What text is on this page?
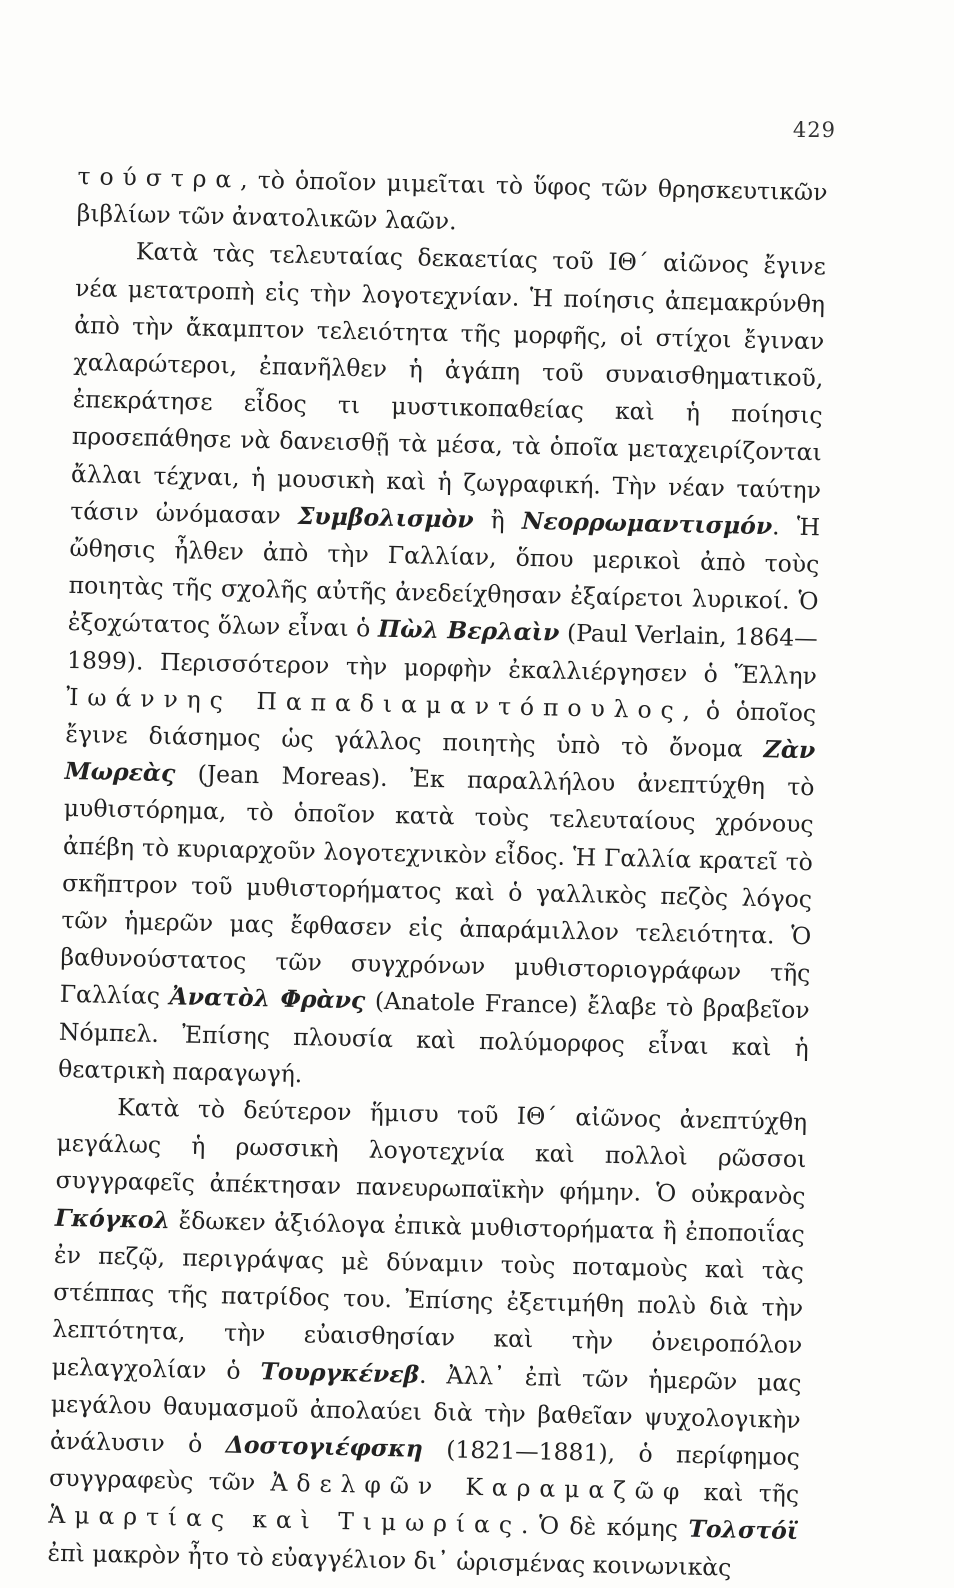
429

τούστρα, τὸ ὁποῖον μιμεῖται τὸ ὕφος τῶν θρησκευτικῶν βιβλίων τῶν ἀνατολικῶν λαῶν.

Κατὰ τὰς τελευταίας δεκαετίας τοῦ ΙΘ΄ αἰῶνος ἔγινε νέα μετατροπὴ εἰς τὴν λογοτεχνίαν. Ἡ ποίησις ἀπεμακρύνθη ἀπὸ τὴν ἄκαμπτον τελειότητα τῆς μορφῆς, οἱ στίχοι ἔγιναν χαλαρώτεροι, ἐπανῆλθεν ἡ ἀγάπη τοῦ συναισθηματικοῦ, ἐπεκράτησε εἶδος τι μυστικοπαθείας καὶ ἡ ποίησις προσεπάθησε νὰ δανεισθῇ τὰ μέσα, τὰ ὁποῖα μεταχειρίζονται ἄλλαι τέχναι, ἡ μουσικὴ καὶ ἡ ζωγραφική. Τὴν νέαν ταύτην τάσιν ὠνόμασαν Συμβολισμὸν ἢ Νεορρωμαντισμόν. Ἡ ὤθησις ἦλθεν ἀπὸ τὴν Γαλλίαν, ὅπου μερικοὶ ἀπὸ τοὺς ποιητὰς τῆς σχολῆς αὐτῆς ἀνεδείχθησαν ἐξαίρετοι λυρικοί. Ὁ ἐξοχώτατος ὅλων εἶναι ὁ Πὼλ Βερλαὶν (Paul Verlain, 1864—1899). Περισσότερον τὴν μορφὴν ἐκαλλιέργησεν ὁ Ἕλλην Ἰωάννης Παπαδιαμαντόπουλος, ὁ ὁποῖος ἔγινε διάσημος ὡς γάλλος ποιητὴς ὑπὸ τὸ ὄνομα Ζὰν Μωρεὰς (Jean Moreas). Ἐκ παραλλήλου ἀνεπτύχθη τὸ μυθιστόρημα, τὸ ὁποῖον κατὰ τοὺς τελευταίους χρόνους ἀπέβη τὸ κυριαρχοῦν λογοτεχνικὸν εἶδος. Ἡ Γαλλία κρατεῖ τὸ σκῆπτρον τοῦ μυθιστορήματος καὶ ὁ γαλλικὸς πεζὸς λόγος τῶν ἡμερῶν μας ἔφθασεν εἰς ἀπαράμιλλον τελειότητα. Ὁ βαθυνούστατος τῶν συγχρόνων μυθιστοριογράφων τῆς Γαλλίας Ἀνατὸλ Φρὰνς (Anatole France) ἔλαβε τὸ βραβεῖον Νόμπελ. Ἐπίσης πλουσία καὶ πολύμορφος εἶναι καὶ ἡ θεατρικὴ παραγωγή.

Κατὰ τὸ δεύτερον ἥμισυ τοῦ ΙΘ΄ αἰῶνος ἀνεπτύχθη μεγάλως ἡ ρωσσικὴ λογοτεχνία καὶ πολλοὶ ρῶσσοι συγγραφεῖς ἀπέκτησαν πανευρωπαϊκὴν φήμην. Ὁ οὐκρανὸς Γκόγκολ ἔδωκεν ἀξιόλογα ἐπικὰ μυθιστορήματα ἢ ἐποποιΐας ἐν πεζῷ, περιγράψας μὲ δύναμιν τοὺς ποταμοὺς καὶ τὰς στέππας τῆς πατρίδος του. Ἐπίσης ἐξετιμήθη πολὺ διὰ τὴν λεπτότητα, τὴν εὐαισθησίαν καὶ τὴν ὀνειροπόλον μελαγχολίαν ὁ Τουργκένεβ. Ἀλλ᾿ ἐπὶ τῶν ἡμερῶν μας μεγάλου θαυμασμοῦ ἀπολαύει διὰ τὴν βαθεῖαν ψυχολογικὴν ἀνάλυσιν ὁ Δοστογιέφσκη (1821—1881), ὁ περίφημος συγγραφεὺς τῶν Ἀδελφῶν Καραμαζῶφ καὶ τῆς Ἁμαρτίας καὶ Τιμωρίας. Ὁ δὲ κόμης Τολστόϊ ἐπὶ μακρὸν ἦτο τὸ εὐαγγέλιον δι᾿ ὡρισμένας κοινωνικὰς
